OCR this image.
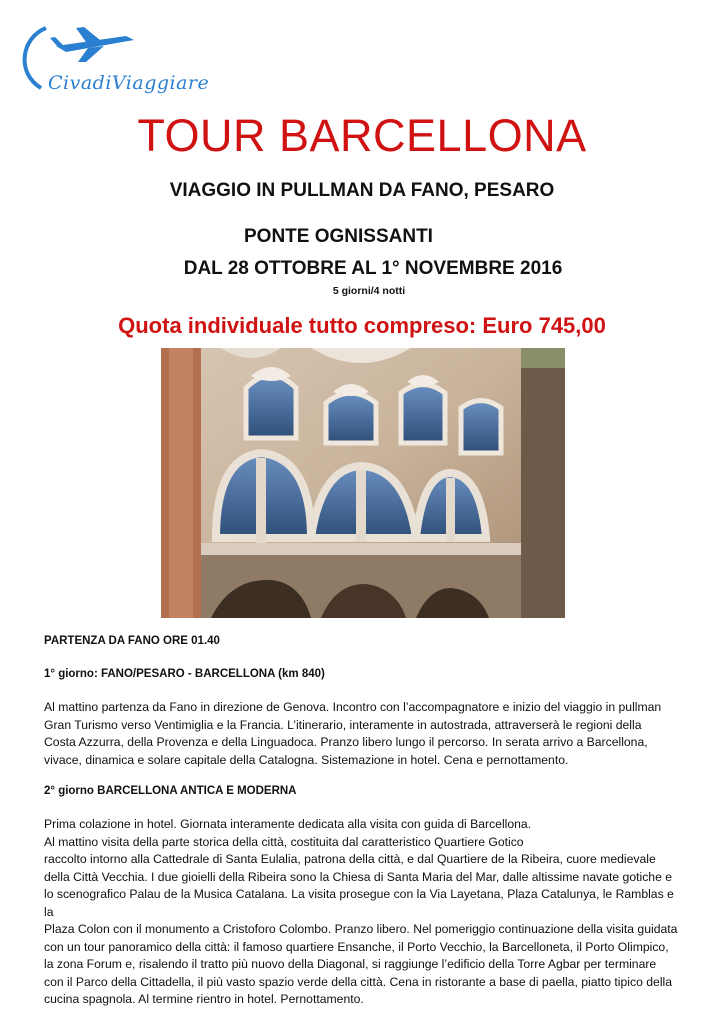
CivadiViaggiare
TOUR BARCELLONA
VIAGGIO IN PULLMAN DA FANO, PESARO
PONTE OGNISSANTI
DAL 28 OTTOBRE AL 1° NOVEMBRE 2016
5 giorni/4 notti
Quota individuale tutto compreso: Euro 745,00
PARTENZA DA FANO ORE 01.40
1° giorno: FANO/PESARO - BARCELLONA (km 840)

Al mattino partenza da Fano in direzione de Genova. Incontro con l’accompagnatore e inizio del viaggio in pullman

Gran Turismo verso Ventimiglia e la Francia. L’itinerario, interamente in autostrada, attraverserà le regioni della

Costa Azzurra, della Provenza e della Linguadoca. Pranzo libero lungo il percorso. In serata arrivo a Barcellona,

vivace, dinamica e solare capitale della Catalogna. Sistemazione in hotel. Cena e pernottamento.

2° giorno BARCELLONA ANTICA E MODERNA

Prima colazione in hotel. Giornata interamente dedicata alla visita con guida di Barcellona.

Al mattino visita della parte storica della città, costituita dal caratteristico Quartiere Gotico

raccolto intorno alla Cattedrale di Santa Eulalia, patrona della città, e dal Quartiere de la Ribeira, cuore medievale

della Città Vecchia. I due gioielli della Ribeira sono la Chiesa di Santa Maria del Mar, dalle altissime navate gotiche e

lo scenografico Palau de la Musica Catalana. La visita prosegue con la Via Layetana, Plaza Catalunya, le Ramblas e la

Plaza Colon con il monumento a Cristoforo Colombo. Pranzo libero. Nel pomeriggio continuazione della visita guidata

con un tour panoramico della città: il famoso quartiere Ensanche, il Porto Vecchio, la Barcelloneta, il Porto Olimpico,

la zona Forum e, risalendo il tratto più nuovo della Diagonal, si raggiunge l’edificio della Torre Agbar per terminare

con il Parco della Cittadella, il più vasto spazio verde della città. Cena in ristorante a base di paella, piatto tipico della

cucina spagnola. Al termine rientro in hotel. Pernottamento.
